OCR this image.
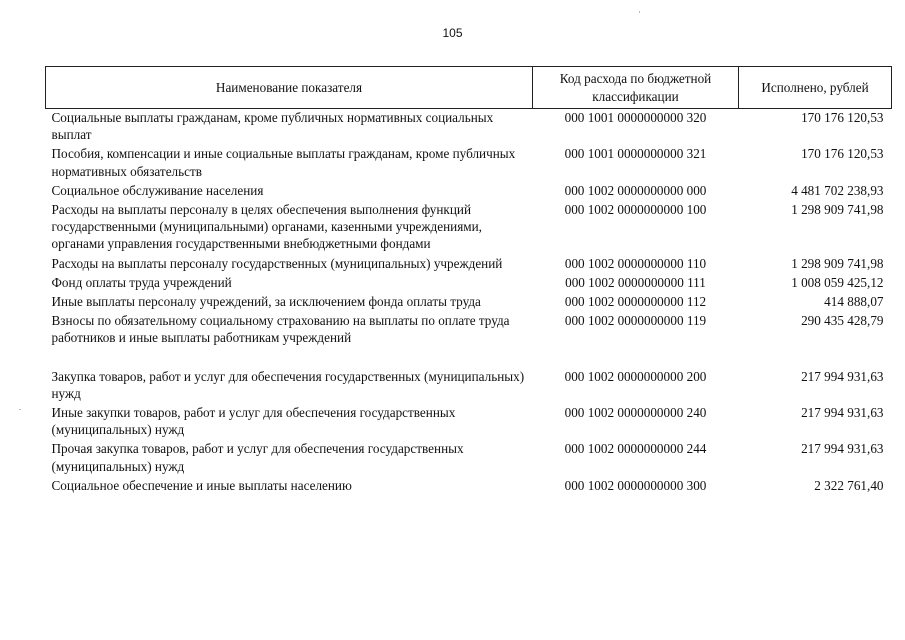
105
Наименование показателя	Код расхода по бюджетной классификации	Исполнено, рублей
Социальные выплаты гражданам, кроме публичных нормативных социальных выплат	000 1001 0000000000 320	170 176 120,53
Пособия, компенсации и иные социальные выплаты гражданам, кроме публичных нормативных обязательств	000 1001 0000000000 321	170 176 120,53
Социальное обслуживание населения	000 1002 0000000000 000	4 481 702 238,93
Расходы на выплаты персоналу в целях обеспечения выполнения функций государственными (муниципальными) органами, казенными учреждениями, органами управления государственными внебюджетными фондами	000 1002 0000000000 100	1 298 909 741,98
Расходы на выплаты персоналу государственных (муниципальных) учреждений	000 1002 0000000000 110	1 298 909 741,98
Фонд оплаты труда учреждений	000 1002 0000000000 111	1 008 059 425,12
Иные выплаты персоналу учреждений, за исключением фонда оплаты труда	000 1002 0000000000 112	414 888,07
Взносы по обязательному социальному страхованию на выплаты по оплате труда работников и иные выплаты работникам учреждений	000 1002 0000000000 119	290 435 428,79

Закупка товаров, работ и услуг для обеспечения государственных (муниципальных) нужд	000 1002 0000000000 200	217 994 931,63
Иные закупки товаров, работ и услуг для обеспечения государственных (муниципальных) нужд	000 1002 0000000000 240	217 994 931,63
Прочая закупка товаров, работ и услуг для обеспечения государственных (муниципальных) нужд	000 1002 0000000000 244	217 994 931,63
Социальное обеспечение и иные выплаты населению	000 1002 0000000000 300	2 322 761,40
